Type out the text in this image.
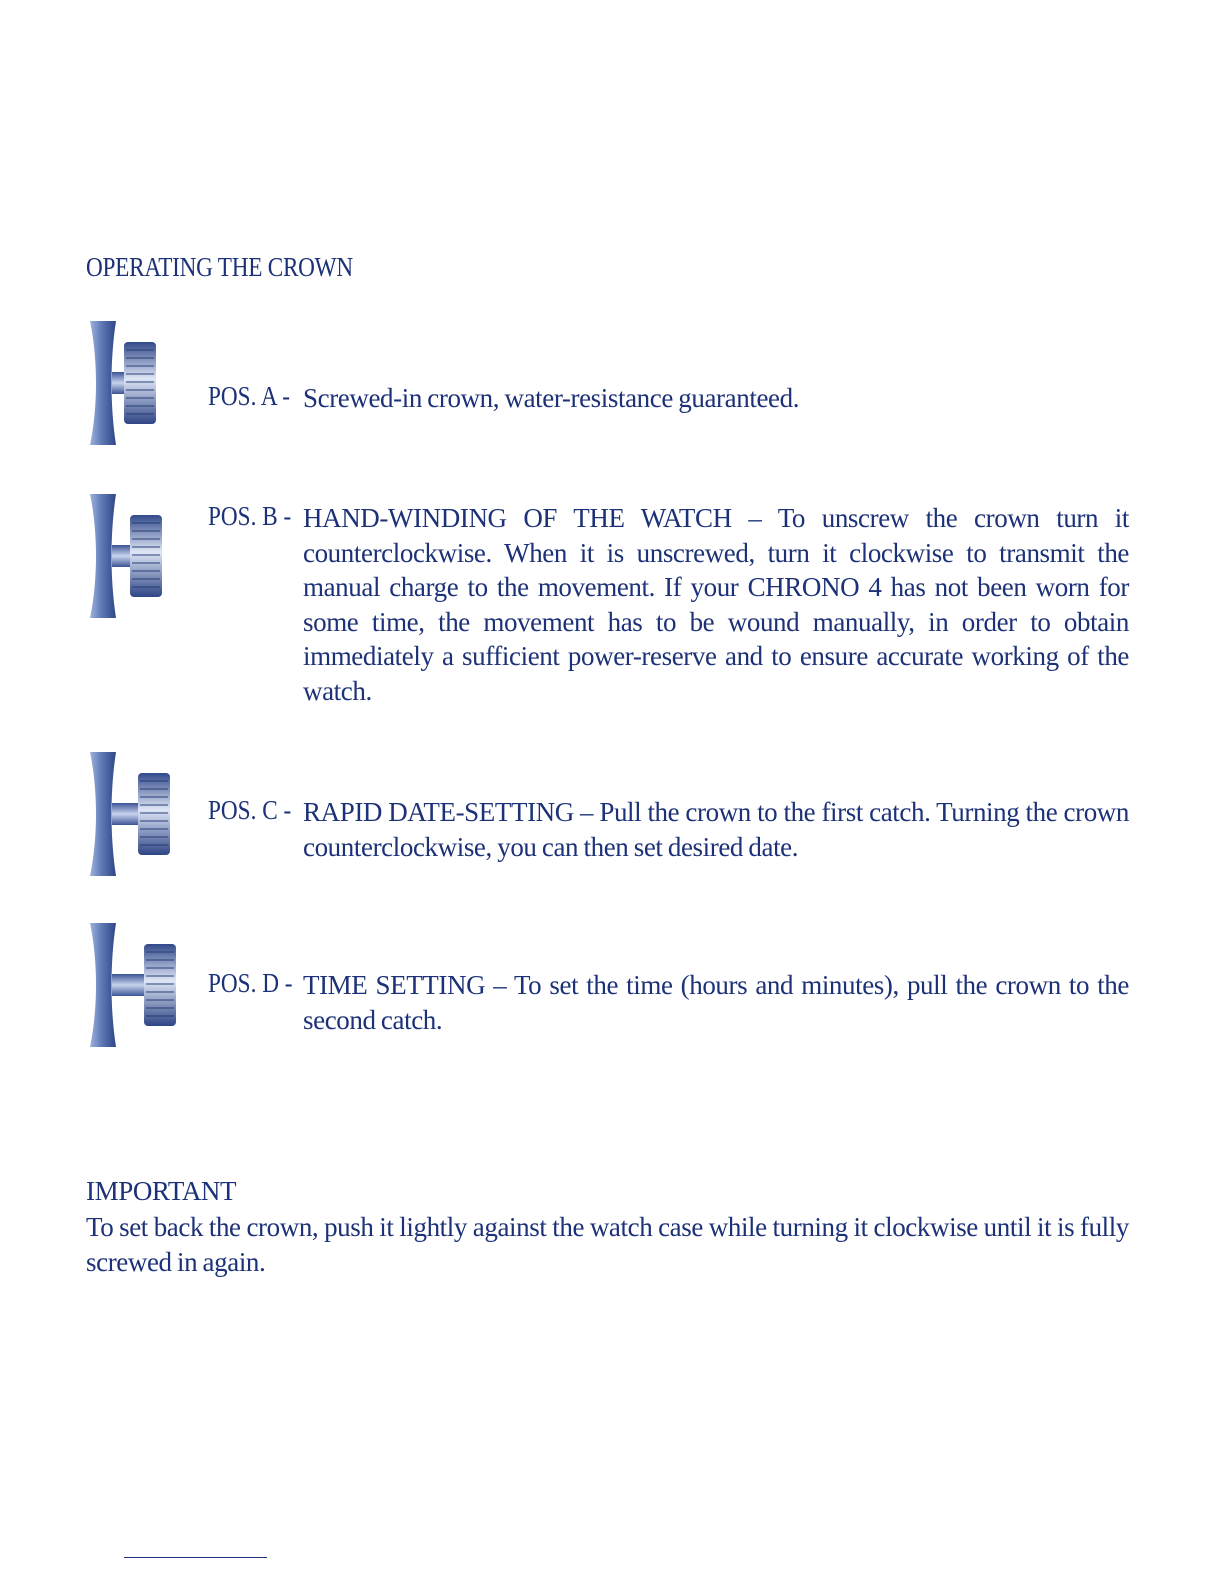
OPERATING THE CROWN
POS. A - Screwed-in crown, water-resistance guaranteed.
POS. B - HAND-WINDING OF THE WATCH – To unscrew the crown turn it counterclockwise. When it is unscrewed, turn it clockwise to transmit the manual charge to the movement. If your CHRONO 4 has not been worn for some time, the movement has to be wound manually, in order to obtain immediately a sufficient power-reserve and to ensure accurate working of the watch.
POS. C - RAPID DATE-SETTING – Pull the crown to the first catch. Turning the crown counterclockwise, you can then set desired date.
POS. D - TIME SETTING – To set the time (hours and minutes), pull the crown to the second catch.
IMPORTANT
To set back the crown, push it lightly against the watch case while turning it clockwise until it is fully screwed in again.
